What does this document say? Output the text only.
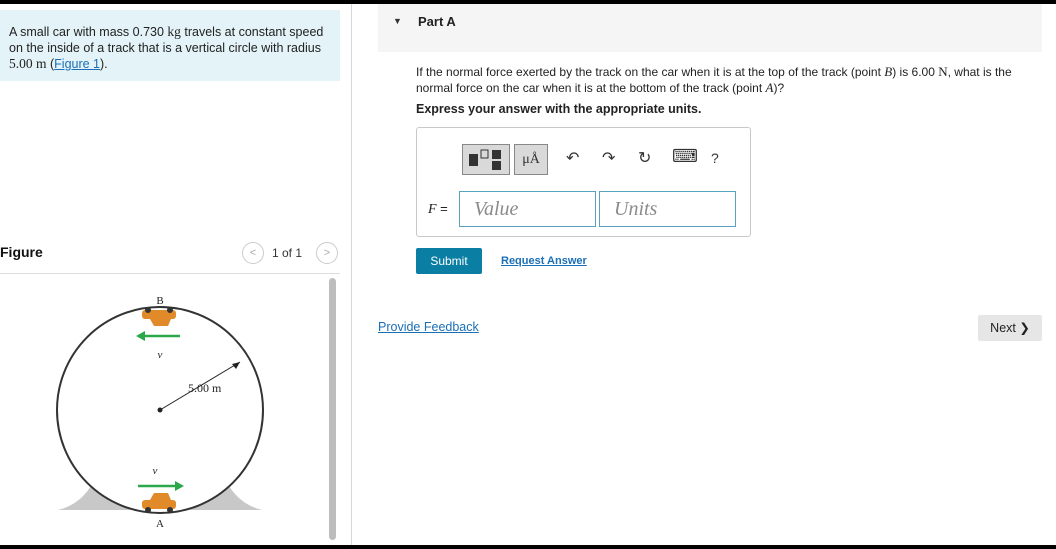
A small car with mass 0.730 kg travels at constant speed on the inside of a track that is a vertical circle with radius 5.00 m (Figure 1).
Figure	<	1 of 1	>
5.00 m
B
v
v
A
▼ Part A
If the normal force exerted by the track on the car when it is at the top of the track (point B) is 6.00 N, what is the normal force on the car when it is at the bottom of the track (point A)?
Express your answer with the appropriate units.
μÅ	↶ ↷ ↻ ⌨ ?
F =	Value	Units
Submit	Request Answer
Provide Feedback	Next ❯
